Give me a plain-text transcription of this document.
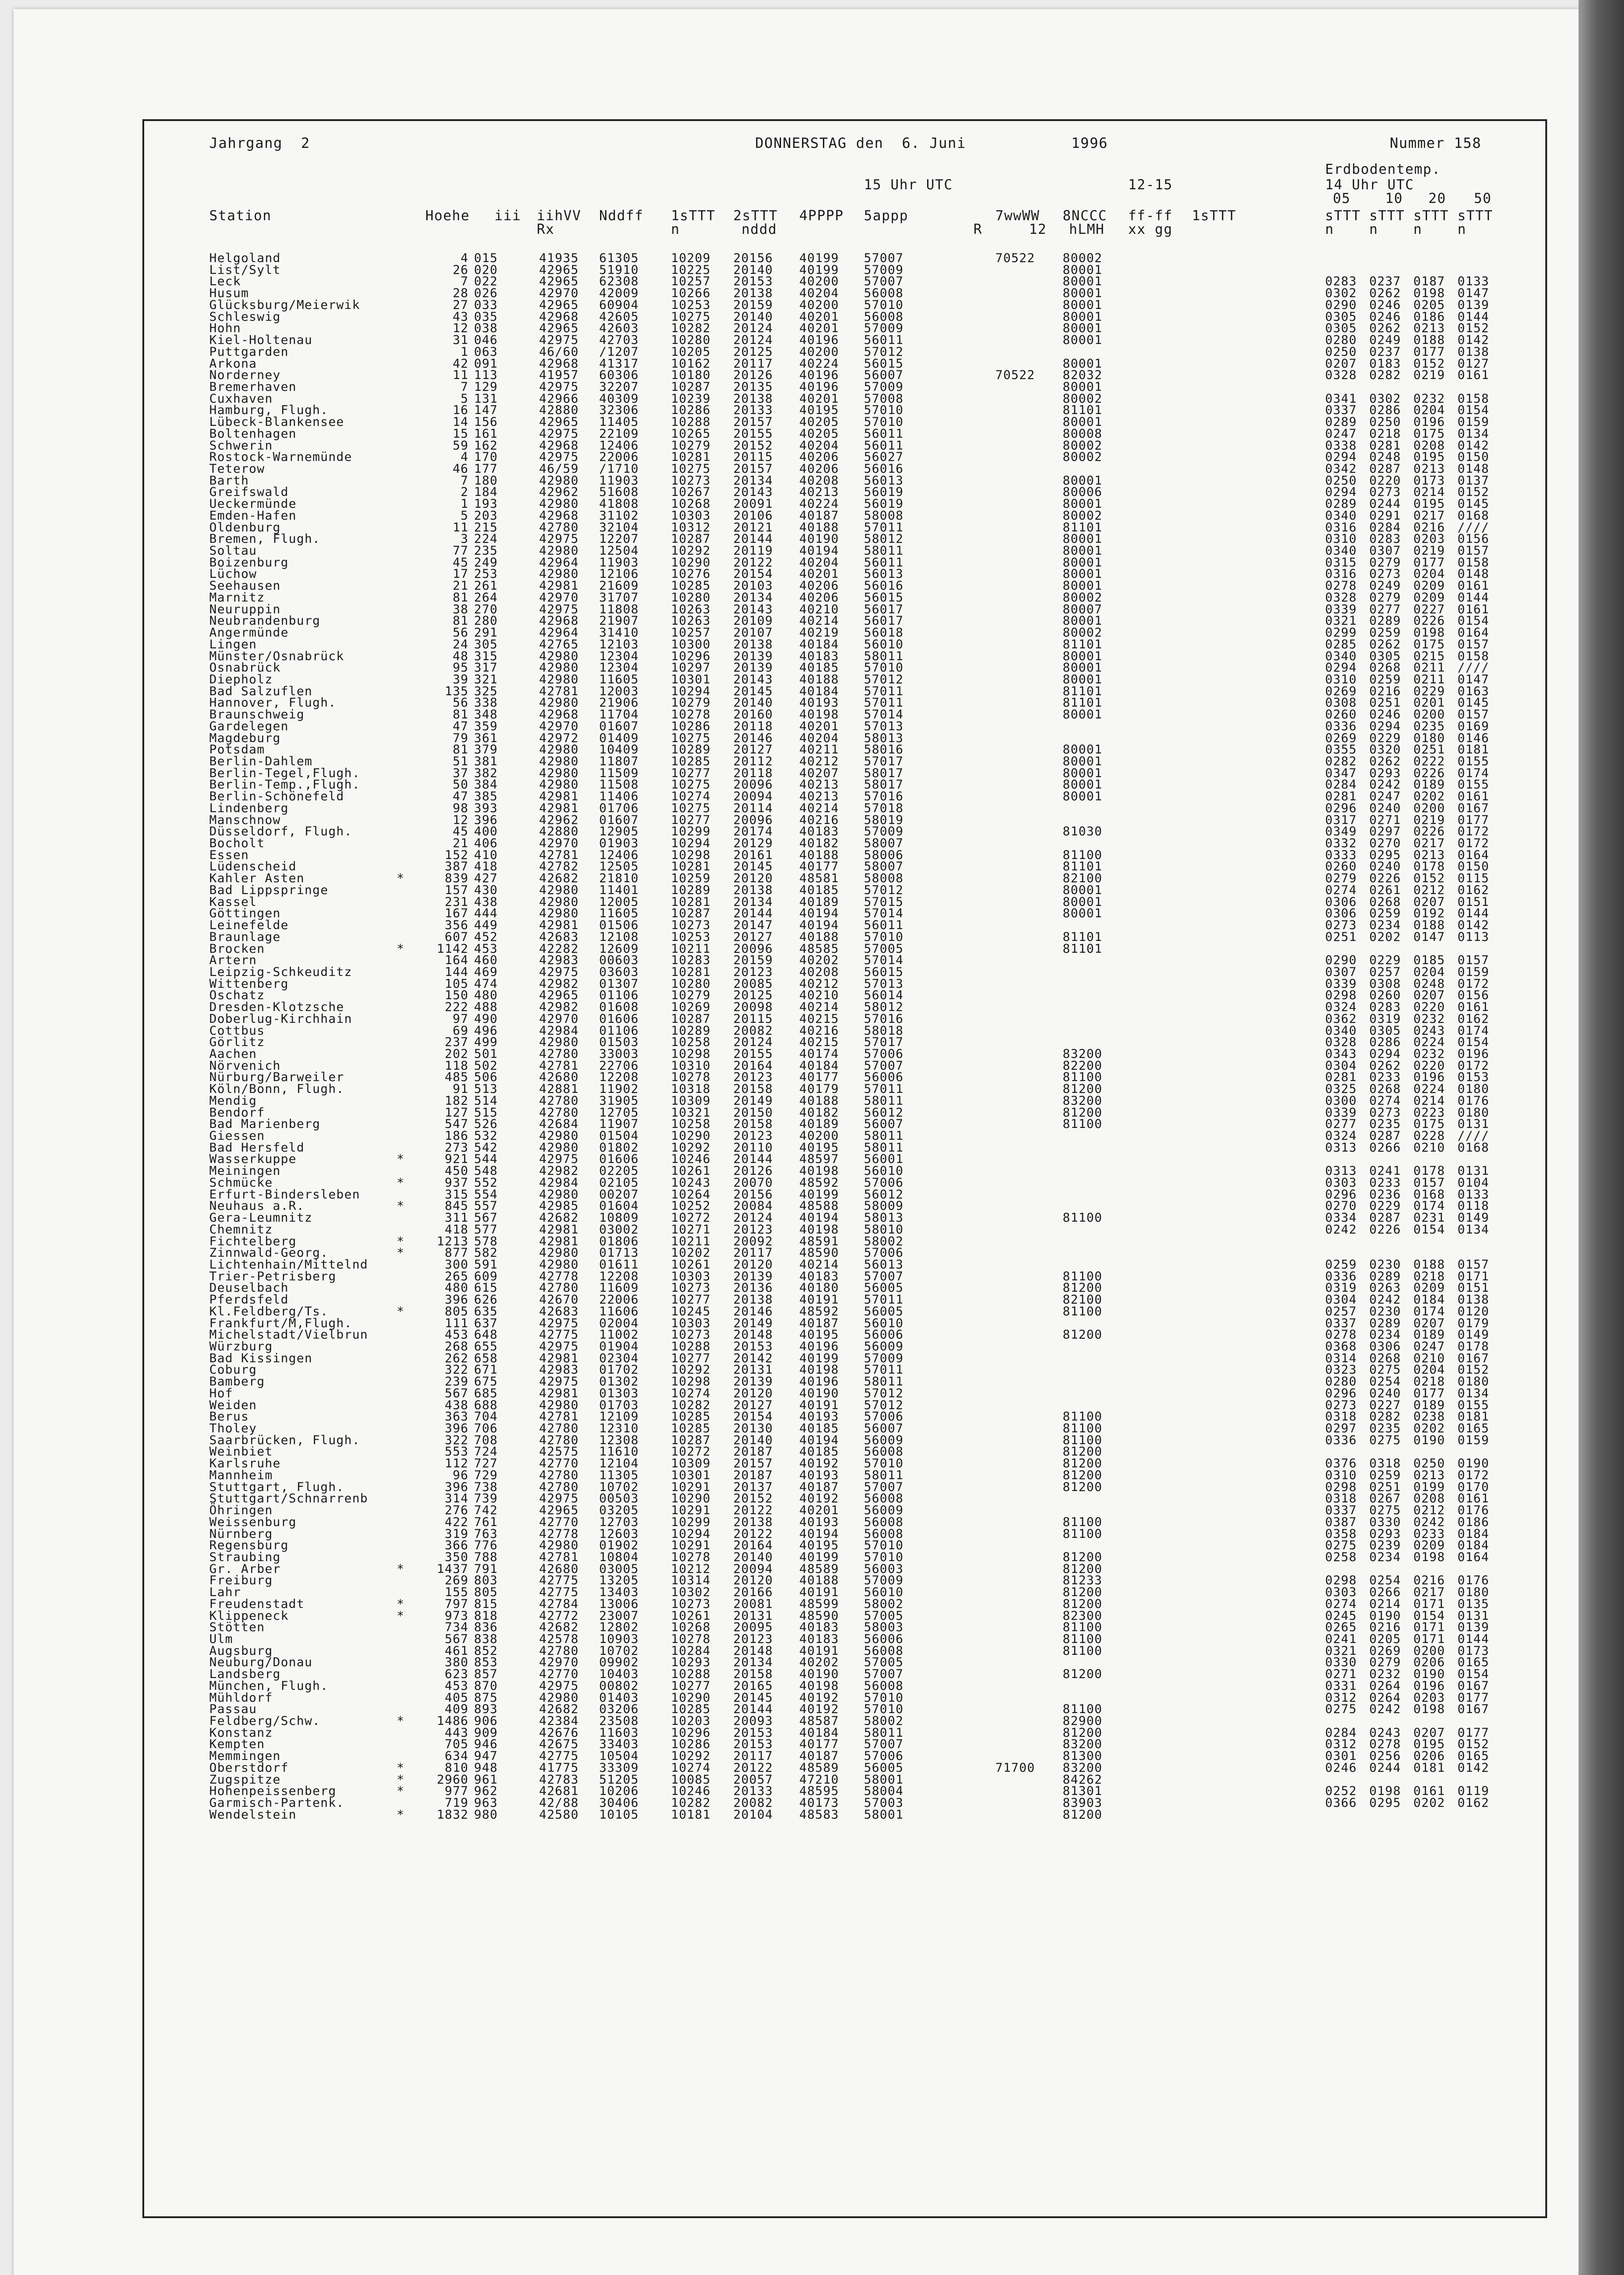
Jahrgang  2	DONNERSTAG den  6. Juni	1996	Nummer 158
Erdbodentemp.
14 Uhr UTC
15 Uhr UTC	12-15
05	10 20 50
Station	Hoehe iii iihVV Nddff 1sTTT 2sTTT 4PPPP 5appp	7wwWW 8NCCC ff-ff 1sTTT	sTTT sTTT sTTT sTTT
Rx	n	nddd	R	12 hLMH xx gg	n	n	n	n
Helgoland	4 015	41935 61305	10209 20156 40199 57007	70522 80002
List/Sylt	26 020	42965 51910	10225 20140 40199 57009	80001
Leck	7 022	42965 62308	10257 20153 40200 57007	80001	0283 0237 0187 0133
Husum	28 026	42970 42009	10266 20138 40204 56008	80001	0302 0262 0198 0147
Glücksburg/Meierwik	27 033	42965 60904	10253 20159 40200 57010	80001	0290 0246 0205 0139
Schleswig	43 035	42968 42605	10275 20140 40201 56008	80001	0305 0246 0186 0144
Hohn	12 038	42965 42603	10282 20124 40201 57009	80001	0305 0262 0213 0152
Kiel-Holtenau	31 046	42975 42703	10280 20124 40196 56011	80001	0280 0249 0188 0142
Puttgarden	1 063	46/60 /1207	10205 20125 40200 57012	0250 0237 0177 0138
Arkona	42 091	42968 41317	10162 20117 40224 56015	80001	0207 0183 0152 0127
Norderney	11 113	41957 60306	10180 20126 40196 56007	70522 82032	0328 0282 0219 0161
Bremerhaven	7 129	42975 32207	10287 20135 40196 57009	80001
Cuxhaven	5 131	42966 40309	10239 20138 40201 57008	80002	0341 0302 0232 0158
Hamburg, Flugh.	16 147	42880 32306	10286 20133 40195 57010	81101	0337 0286 0204 0154
Lübeck-Blankensee	14 156	42965 11405	10288 20157 40205 57010	80001	0289 0250 0196 0159
Boltenhagen	15 161	42975 22109	10265 20155 40205 56011	80008	0247 0218 0175 0134
Schwerin	59 162	42968 12406	10279 20152 40204 56011	80002	0338 0281 0208 0142
Rostock-Warnemünde	4 170	42975 22006	10281 20115 40206 56027	80002	0294 0248 0195 0150
Teterow	46 177	46/59 /1710	10275 20157 40206 56016	0342 0287 0213 0148
Barth	7 180	42980 11903	10273 20134 40208 56013	80001	0250 0220 0173 0137
Greifswald	2 184	42962 51608	10267 20143 40213 56019	80006	0294 0273 0214 0152
Ueckermünde	1 193	42980 41808	10268 20091 40224 56019	80001	0289 0244 0195 0145
Emden-Hafen	5 203	42968 31102	10303 20106 40187 58008	80002	0340 0291 0217 0168
Oldenburg	11 215	42780 32104	10312 20121 40188 57011	81101	0316 0284 0216 ////
Bremen, Flugh.	3 224	42975 12207	10287 20144 40190 58012	80001	0310 0283 0203 0156
Soltau	77 235	42980 12504	10292 20119 40194 58011	80001	0340 0307 0219 0157
Boizenburg	45 249	42964 11903	10290 20122 40204 56011	80001	0315 0279 0177 0158
Lüchow	17 253	42980 12106	10276 20154 40201 56013	80001	0316 0273 0204 0148
Seehausen	21 261	42981 21609	10285 20103 40206 56016	80001	0278 0249 0209 0161
Marnitz	81 264	42970 31707	10280 20134 40206 56015	80002	0328 0279 0209 0144
Neuruppin	38 270	42975 11808	10263 20143 40210 56017	80007	0339 0277 0227 0161
Neubrandenburg	81 280	42968 21907	10263 20109 40214 56017	80001	0321 0289 0226 0154
Angermünde	56 291	42964 31410	10257 20107 40219 56018	80002	0299 0259 0198 0164
Lingen	24 305	42765 12103	10300 20138 40184 56010	81101	0285 0262 0175 0157
Münster/Osnabrück	48 315	42980 12304	10296 20139 40183 58011	80001	0340 0305 0215 0158
Osnabrück	95 317	42980 12304	10297 20139 40185 57010	80001	0294 0268 0211 ////
Diepholz	39 321	42980 11605	10301 20143 40188 57012	80001	0310 0259 0211 0147
Bad Salzuflen	135 325	42781 12003	10294 20145 40184 57011	81101	0269 0216 0229 0163
Hannover, Flugh.	56 338	42980 21906	10279 20140 40193 57011	81101	0308 0251 0201 0145
Braunschweig	81 348	42968 11704	10278 20160 40198 57014	80001	0260 0246 0200 0157
Gardelegen	47 359	42970 01607	10286 20118 40201 57013	0336 0294 0235 0169
Magdeburg	79 361	42972 01409	10275 20146 40204 58013	0269 0229 0180 0146
Potsdam	81 379	42980 10409	10289 20127 40211 58016	80001	0355 0320 0251 0181
Berlin-Dahlem	51 381	42980 11807	10285 20112 40212 57017	80001	0282 0262 0222 0155
Berlin-Tegel,Flugh.	37 382	42980 11509	10277 20118 40207 58017	80001	0347 0293 0226 0174
Berlin-Temp.,Flugh.	50 384	42980 11508	10275 20096 40213 58017	80001	0284 0242 0189 0155
Berlin-Schönefeld	47 385	42981 11406	10274 20094 40213 57016	80001	0281 0247 0202 0161
Lindenberg	98 393	42981 01706	10275 20114 40214 57018	0296 0240 0200 0167
Manschnow	12 396	42962 01607	10277 20096 40216 58019	0317 0271 0219 0177
Düsseldorf, Flugh.	45 400	42880 12905	10299 20174 40183 57009	81030	0349 0297 0226 0172
Bocholt	21 406	42970 01903	10294 20129 40182 58007	0332 0270 0217 0172
Essen	152 410	42781 12406	10298 20161 40188 58006	81100	0333 0295 0213 0164
Lüdenscheid	387 418	42782 12505	10281 20145 40177 58007	81101	0260 0240 0178 0150
Kahler Asten	*	839 427	42682 21810	10259 20120 48581 58008	82100	0279 0226 0152 0115
Bad Lippspringe	157 430	42980 11401	10289 20138 40185 57012	80001	0274 0261 0212 0162
Kassel	231 438	42980 12005	10281 20134 40189 57015	80001	0306 0268 0207 0151
Göttingen	167 444	42980 11605	10287 20144 40194 57014	80001	0306 0259 0192 0144
Leinefelde	356 449	42981 01506	10273 20147 40194 56011	0273 0234 0188 0142
Braunlage	607 452	42683 12108	10253 20127 40188 57010	81101	0251 0202 0147 0113
Brocken	*	1142 453	42282 12609	10211 20096 48585 57005	81101
Artern	164 460	42983 00603	10283 20159 40202 57014	0290 0229 0185 0157
Leipzig-Schkeuditz	144 469	42975 03603	10281 20123 40208 56015	0307 0257 0204 0159
Wittenberg	105 474	42982 01307	10280 20085 40212 57013	0339 0308 0248 0172
Oschatz	150 480	42965 01106	10279 20125 40210 56014	0298 0260 0207 0156
Dresden-Klotzsche	222 488	42982 01608	10269 20098 40214 58012	0324 0283 0220 0161
Doberlug-Kirchhain	97 490	42970 01606	10287 20115 40215 57016	0362 0319 0232 0162
Cottbus	69 496	42984 01106	10289 20082 40216 58018	0340 0305 0243 0174
Görlitz	237 499	42980 01503	10258 20124 40215 57017	0328 0286 0224 0154
Aachen	202 501	42780 33003	10298 20155 40174 57006	83200	0343 0294 0232 0196
Nörvenich	118 502	42781 22706	10310 20164 40184 57007	82200	0304 0262 0220 0172
Nürburg/Barweiler	485 506	42680 12208	10278 20123 40177 56006	81100	0281 0233 0196 0153
Köln/Bonn, Flugh.	91 513	42881 11902	10318 20158 40179 57011	81200	0325 0268 0224 0180
Mendig	182 514	42780 31905	10309 20149 40188 58011	83200	0300 0274 0214 0176
Bendorf	127 515	42780 12705	10321 20150 40182 56012	81200	0339 0273 0223 0180
Bad Marienberg	547 526	42684 11907	10258 20158 40189 56007	81100	0277 0235 0175 0131
Giessen	186 532	42980 01504	10290 20123 40200 58011	0324 0287 0228 ////
Bad Hersfeld	273 542	42980 01802	10292 20110 40195 58011	0313 0266 0210 0168
Wasserkuppe	*	921 544	42975 01606	10246 20144 48597 56001
Meiningen	450 548	42982 02205	10261 20126 40198 56010	0313 0241 0178 0131
Schmücke	*	937 552	42984 02105	10243 20070 48592 57006	0303 0233 0157 0104
Erfurt-Bindersleben	315 554	42980 00207	10264 20156 40199 56012	0296 0236 0168 0133
Neuhaus a.R.	*	845 557	42985 01604	10252 20084 48588 58009	0270 0229 0174 0118
Gera-Leumnitz	311 567	42682 10809	10272 20124 40194 58013	81100	0334 0287 0231 0149
Chemnitz	418 577	42981 03002	10271 20123 40198 58010	0242 0226 0154 0134
Fichtelberg	*	1213 578	42981 01806	10211 20092 48591 58002
Zinnwald-Georg.	*	877 582	42980 01713	10202 20117 48590 57006
Lichtenhain/Mittelnd	300 591	42980 01611	10261 20120 40214 56013	0259 0230 0188 0157
Trier-Petrisberg	265 609	42778 12208	10303 20139 40183 57007	81100	0336 0289 0218 0171
Deuselbach	480 615	42780 11609	10273 20136 40180 56005	81200	0319 0263 0209 0151
Pferdsfeld	396 626	42670 22006	10277 20138 40191 57011	82100	0304 0242 0184 0138
Kl.Feldberg/Ts.	*	805 635	42683 11606	10245 20146 48592 56005	81100	0257 0230 0174 0120
Frankfurt/M,Flugh.	111 637	42975 02004	10303 20149 40187 56010	0337 0289 0207 0179
Michelstadt/Vielbrun	453 648	42775 11002	10273 20148 40195 56006	81200	0278 0234 0189 0149
Würzburg	268 655	42975 01904	10288 20153 40196 56009	0368 0306 0247 0178
Bad Kissingen	262 658	42981 02304	10277 20142 40199 57009	0314 0268 0210 0167
Coburg	322 671	42983 01702	10292 20131 40198 57011	0323 0275 0204 0152
Bamberg	239 675	42975 01302	10298 20139 40196 58011	0280 0254 0218 0180
Hof	567 685	42981 01303	10274 20120 40190 57012	0296 0240 0177 0134
Weiden	438 688	42980 01703	10282 20127 40191 57012	0273 0227 0189 0155
Berus	363 704	42781 12109	10285 20154 40193 57006	81100	0318 0282 0238 0181
Tholey	396 706	42780 12310	10285 20130 40185 56007	81100	0297 0235 0202 0165
Saarbrücken, Flugh.	322 708	42780 12308	10287 20140 40194 56009	81100	0336 0275 0190 0159
Weinbiet	553 724	42575 11610	10272 20187 40185 56008	81200
Karlsruhe	112 727	42770 12104	10309 20157 40192 57010	81200	0376 0318 0250 0190
Mannheim	96 729	42780 11305	10301 20187 40193 58011	81200	0310 0259 0213 0172
Stuttgart, Flugh.	396 738	42780 10702	10291 20137 40187 57007	81200	0298 0251 0199 0170
Stuttgart/Schnarrenb	314 739	42975 00503	10290 20152 40192 56008	0318 0267 0208 0161
Öhringen	276 742	42965 03205	10291 20122 40201 56009	0337 0275 0212 0176
Weissenburg	422 761	42770 12703	10299 20138 40193 56008	81100	0387 0330 0242 0186
Nürnberg	319 763	42778 12603	10294 20122 40194 56008	81100	0358 0293 0233 0184
Regensburg	366 776	42980 01902	10291 20164 40195 57010	0275 0239 0209 0184
Straubing	350 788	42781 10804	10278 20140 40199 57010	81200	0258 0234 0198 0164
Gr. Arber	*	1437 791	42680 03005	10212 20094 48589 56003	81200
Freiburg	269 803	42775 13205	10314 20120 40188 57009	81233	0298 0254 0216 0176
Lahr	155 805	42775 13403	10302 20166 40191 56010	81200	0303 0266 0217 0180
Freudenstadt	*	797 815	42784 13006	10273 20081 48599 58002	81200	0274 0214 0171 0135
Klippeneck	*	973 818	42772 23007	10261 20131 48590 57005	82300	0245 0190 0154 0131
Stötten	734 836	42682 12802	10268 20095 40183 58003	81100	0265 0216 0171 0139
Ulm	567 838	42578 10903	10278 20123 40183 56006	81100	0241 0205 0171 0144
Augsburg	461 852	42780 10702	10284 20148 40191 56008	81100	0321 0269 0200 0173
Neuburg/Donau	380 853	42970 09902	10293 20134 40202 57005	0330 0279 0206 0165
Landsberg	623 857	42770 10403	10288 20158 40190 57007	81200	0271 0232 0190 0154
München, Flugh.	453 870	42975 00802	10277 20165 40198 56008	0331 0264 0196 0167
Mühldorf	405 875	42980 01403	10290 20145 40192 57010	0312 0264 0203 0177
Passau	409 893	42682 03206	10285 20144 40192 57010	81100	0275 0242 0198 0167
Feldberg/Schw.	*	1486 906	42384 23508	10203 20093 48587 58002	82900
Konstanz	443 909	42676 11603	10296 20153 40184 58011	81200	0284 0243 0207 0177
Kempten	705 946	42675 33403	10286 20153 40177 57007	83200	0312 0278 0195 0152
Memmingen	634 947	42775 10504	10292 20117 40187 57006	81300	0301 0256 0206 0165
Oberstdorf	*	810 948	41775 33309	10274 20122 48589 56005	71700 83200	0246 0244 0181 0142
Zugspitze	*	2960 961	42783 51205	10085 20057 47210 58001	84262
Hohenpeissenberg	*	977 962	42681 10206	10246 20133 48595 58004	81301	0252 0198 0161 0119
Garmisch-Partenk.	719 963	42/88 30406	10282 20082 40173 57003	83903	0366 0295 0202 0162
Wendelstein	*	1832 980	42580 10105	10181 20104 48583 58001	81200
